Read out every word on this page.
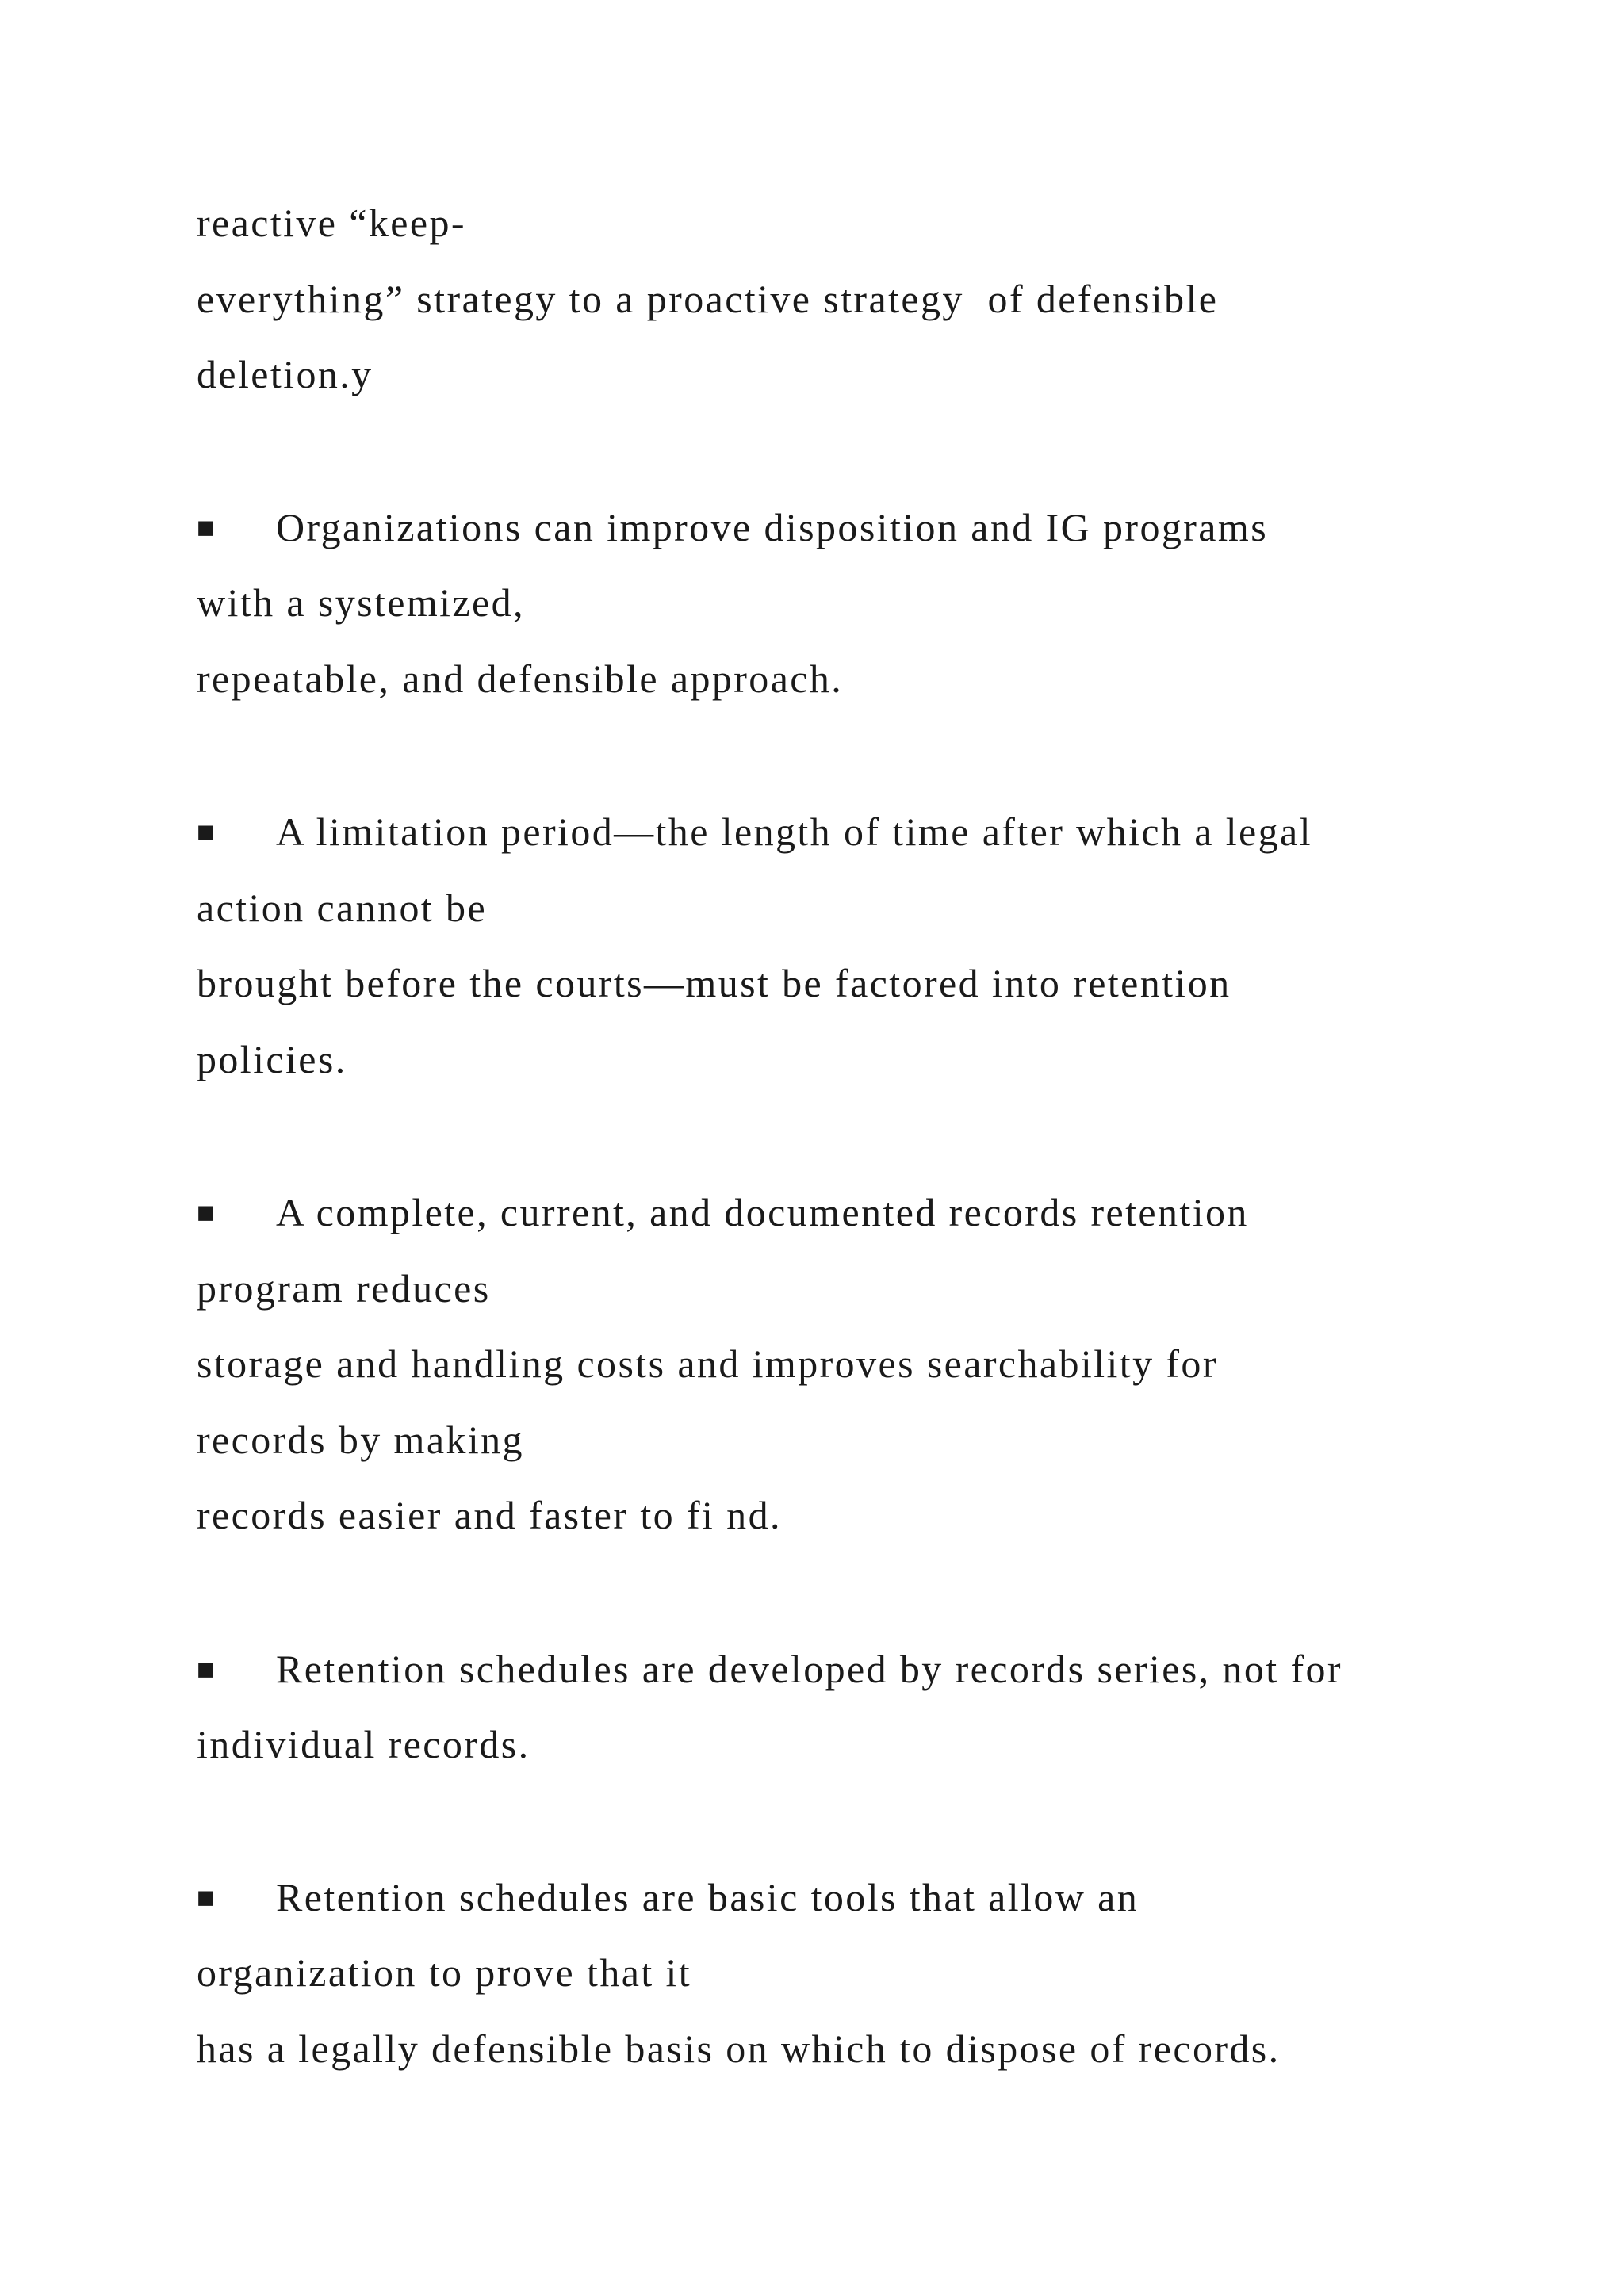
reactive “keep-

everything” strategy to a proactive strategy  of defensible

deletion.y

■ Organizations can improve disposition and IG programs

with a systemized,

repeatable, and defensible approach.

■ A limitation period—the length of time after which a legal

action cannot be

brought before the courts—must be factored into retention

policies.

■ A complete, current, and documented records retention

program reduces

storage and handling costs and improves searchability for

records by making

records easier and faster to fi nd.

■ Retention schedules are developed by records series, not for

individual records.

■ Retention schedules are basic tools that allow an

organization to prove that it

has a legally defensible basis on which to dispose of records.
